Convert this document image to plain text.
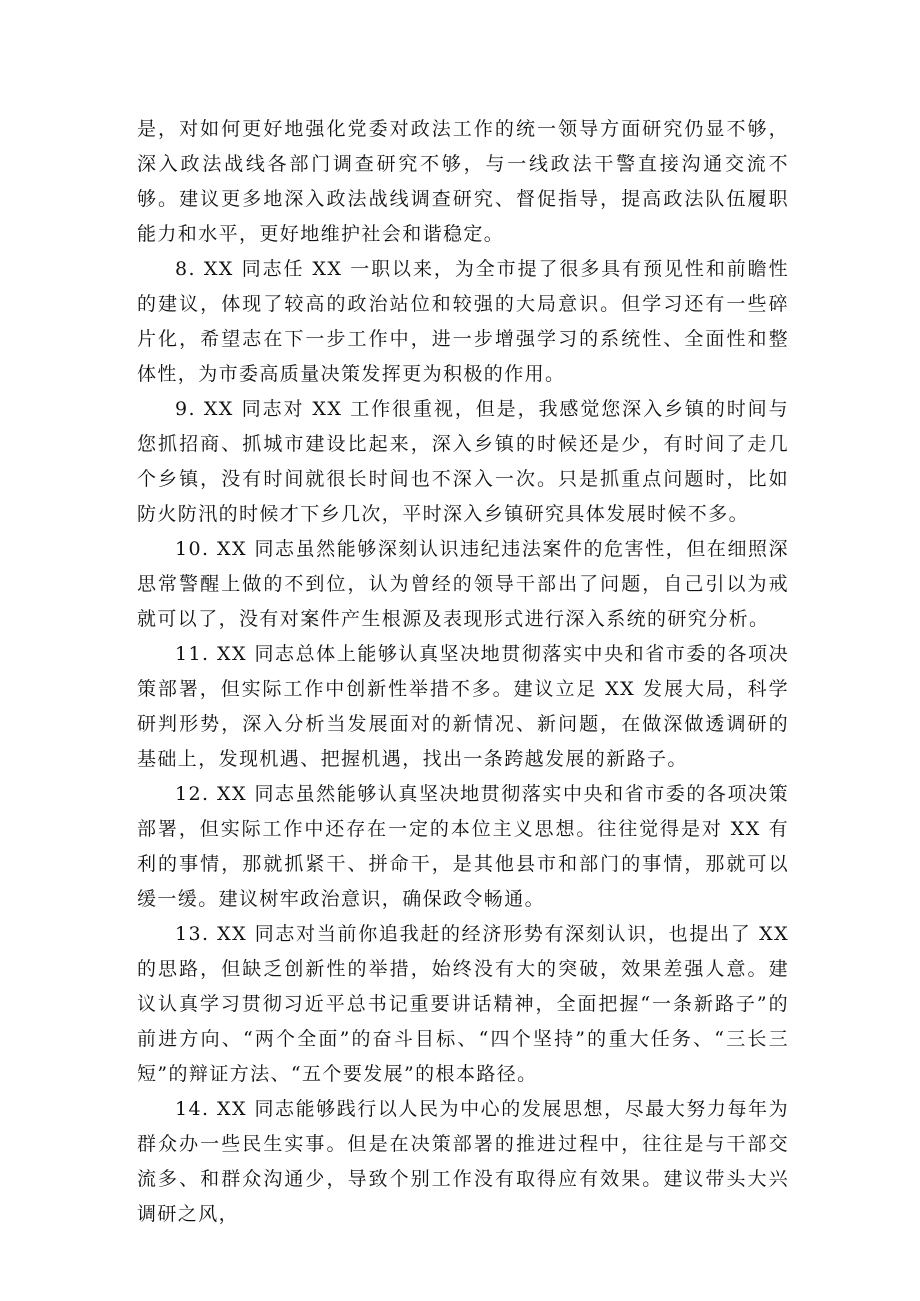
是，对如何更好地强化党委对政法工作的统一领导方面研究仍显不够，深入政法战线各部门调查研究不够，与一线政法干警直接沟通交流不够。建议更多地深入政法战线调查研究、督促指导，提高政法队伍履职能力和水平，更好地维护社会和谐稳定。

8. XX 同志任 XX 一职以来，为全市提了很多具有预见性和前瞻性的建议，体现了较高的政治站位和较强的大局意识。但学习还有一些碎片化，希望志在下一步工作中，进一步增强学习的系统性、全面性和整体性，为市委高质量决策发挥更为积极的作用。

9. XX 同志对 XX 工作很重视，但是，我感觉您深入乡镇的时间与您抓招商、抓城市建设比起来，深入乡镇的时候还是少，有时间了走几个乡镇，没有时间就很长时间也不深入一次。只是抓重点问题时，比如防火防汛的时候才下乡几次，平时深入乡镇研究具体发展时候不多。

10. XX 同志虽然能够深刻认识违纪违法案件的危害性，但在细照深思常警醒上做的不到位，认为曾经的领导干部出了问题，自己引以为戒就可以了，没有对案件产生根源及表现形式进行深入系统的研究分析。

11. XX 同志总体上能够认真坚决地贯彻落实中央和省市委的各项决策部署，但实际工作中创新性举措不多。建议立足 XX 发展大局，科学研判形势，深入分析当发展面对的新情况、新问题，在做深做透调研的基础上，发现机遇、把握机遇，找出一条跨越发展的新路子。

12. XX 同志虽然能够认真坚决地贯彻落实中央和省市委的各项决策部署，但实际工作中还存在一定的本位主义思想。往往觉得是对 XX 有利的事情，那就抓紧干、拼命干，是其他县市和部门的事情，那就可以缓一缓。建议树牢政治意识，确保政令畅通。

13. XX 同志对当前你追我赶的经济形势有深刻认识，也提出了 XX 的思路，但缺乏创新性的举措，始终没有大的突破，效果差强人意。建议认真学习贯彻习近平总书记重要讲话精神，全面把握“一条新路子”的前进方向、“两个全面”的奋斗目标、“四个坚持”的重大任务、“三长三短”的辩证方法、“五个要发展”的根本路径。

14. XX 同志能够践行以人民为中心的发展思想，尽最大努力每年为群众办一些民生实事。但是在决策部署的推进过程中，往往是与干部交流多、和群众沟通少，导致个别工作没有取得应有效果。建议带头大兴调研之风，
